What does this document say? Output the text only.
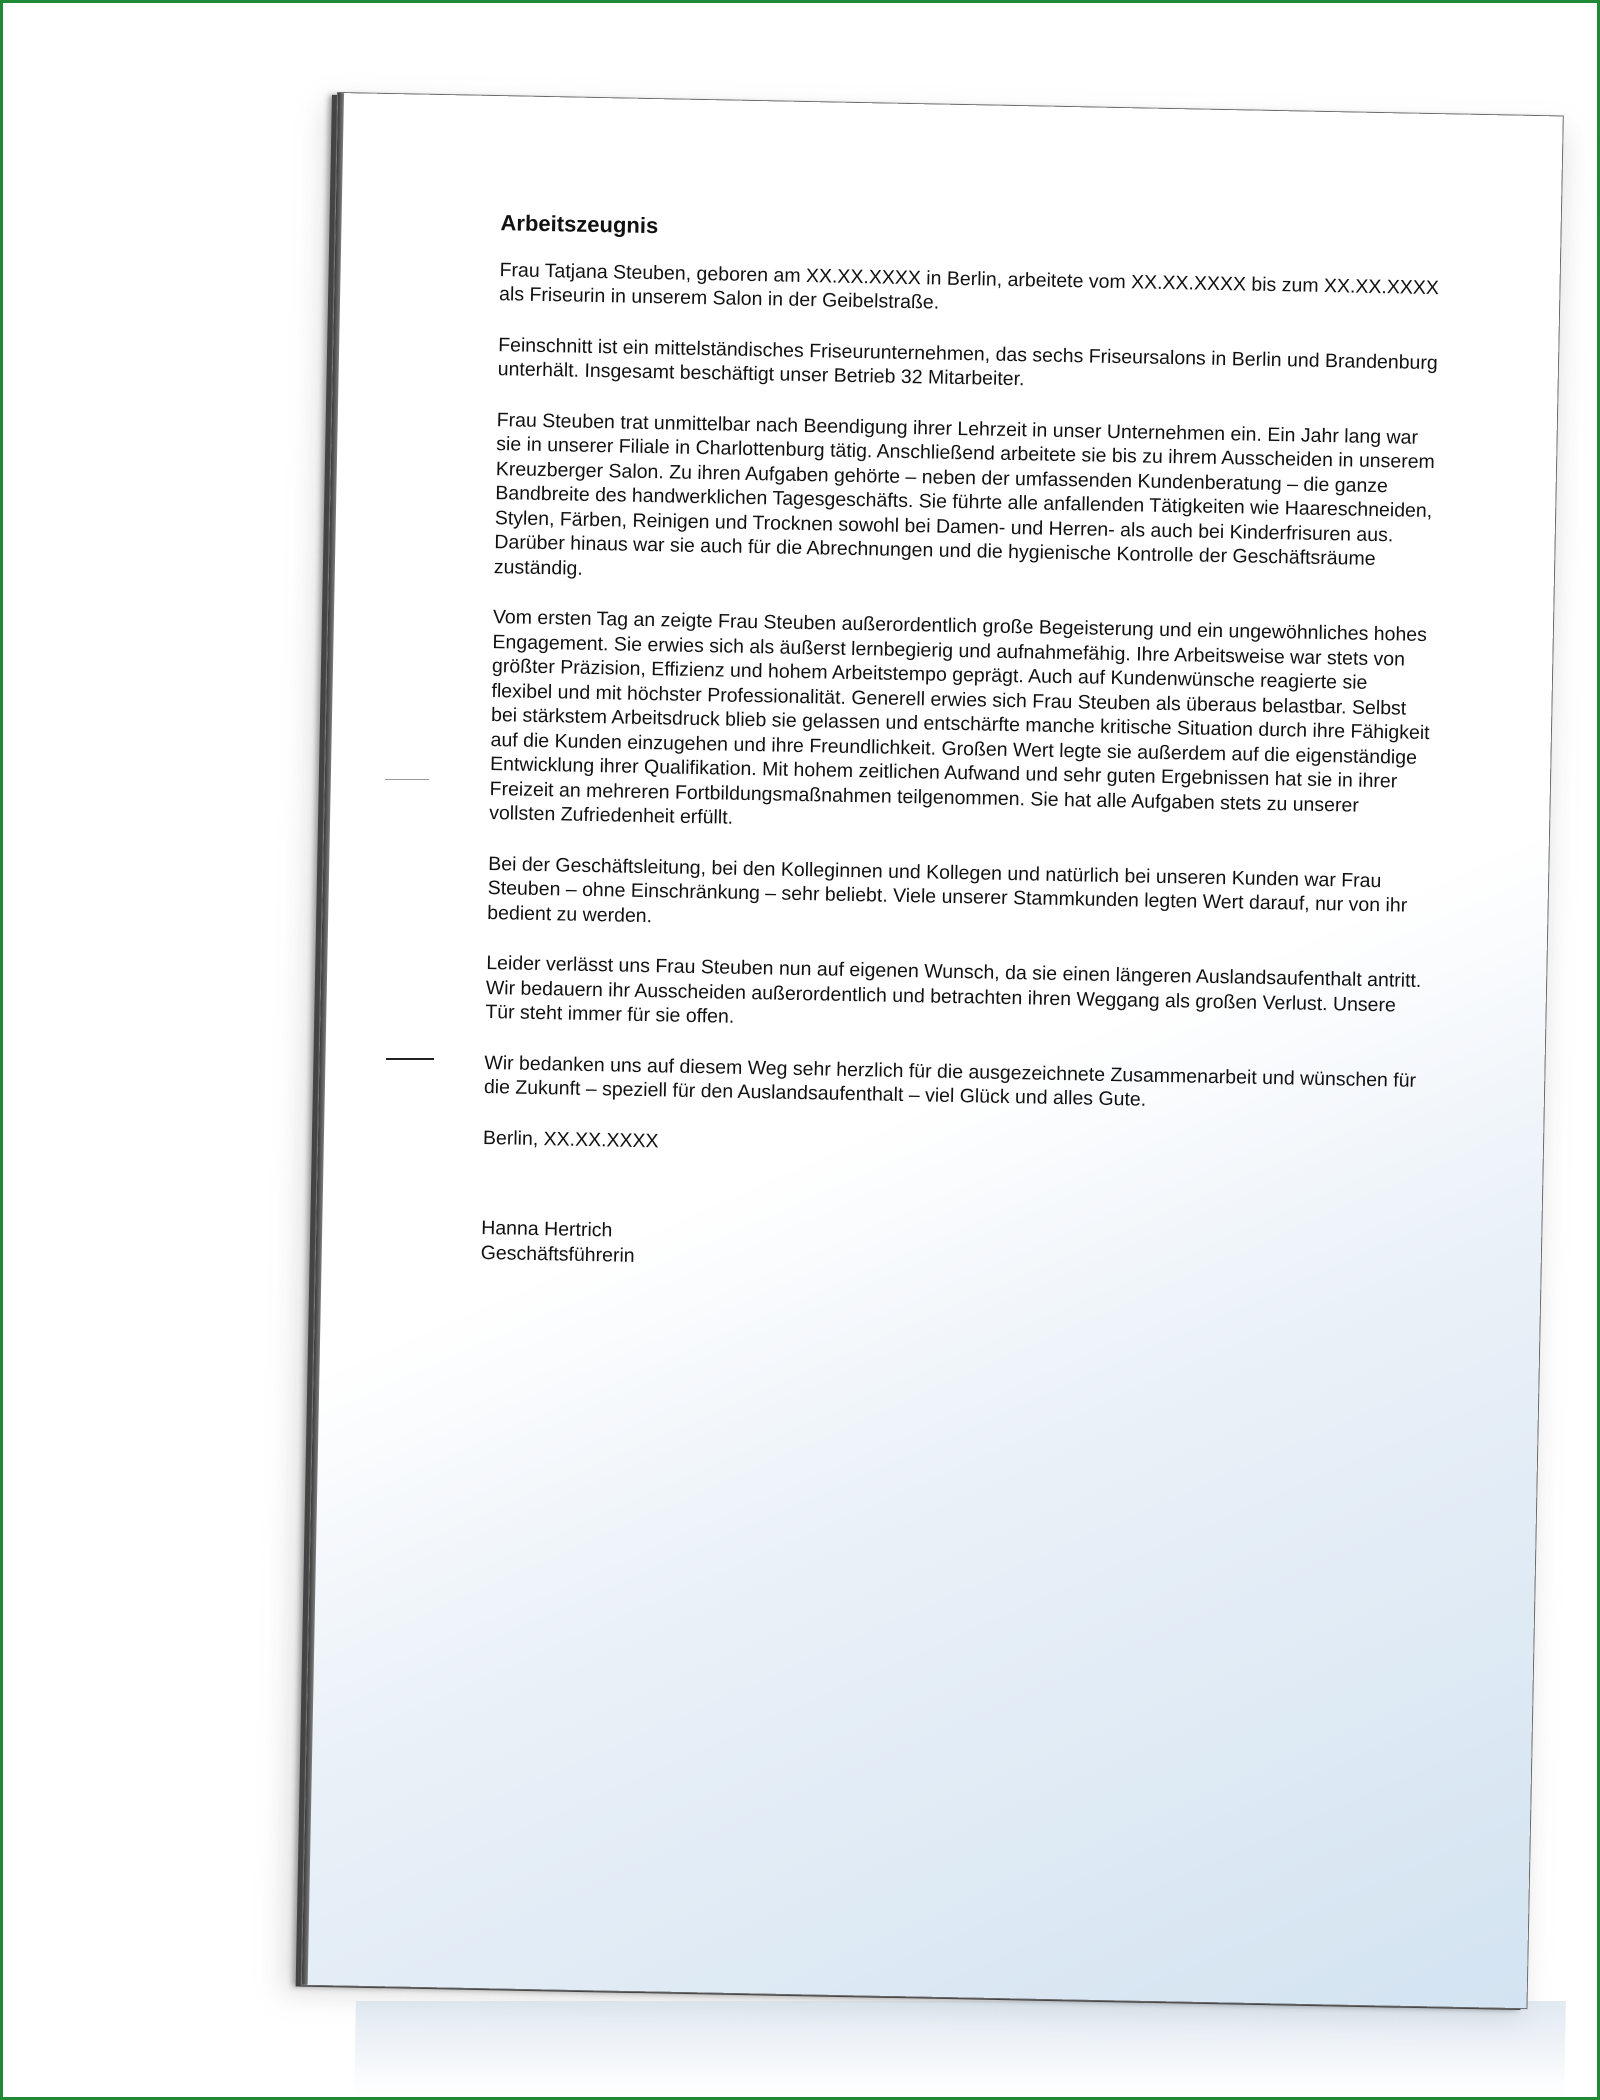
Arbeitszeugnis

Frau Tatjana Steuben, geboren am XX.XX.XXXX in Berlin, arbeitete vom XX.XX.XXXX bis zum XX.XX.XXXX als Friseurin in unserem Salon in der Geibelstraße.

Feinschnitt ist ein mittelständisches Friseurunternehmen, das sechs Friseursalons in Berlin und Brandenburg unterhält. Insgesamt beschäftigt unser Betrieb 32 Mitarbeiter.

Frau Steuben trat unmittelbar nach Beendigung ihrer Lehrzeit in unser Unternehmen ein. Ein Jahr lang war sie in unserer Filiale in Charlottenburg tätig. Anschließend arbeitete sie bis zu ihrem Ausscheiden in unserem Kreuzberger Salon. Zu ihren Aufgaben gehörte – neben der umfassenden Kundenberatung – die ganze Bandbreite des handwerklichen Tagesgeschäfts. Sie führte alle anfallenden Tätigkeiten wie Haareschneiden, Stylen, Färben, Reinigen und Trocknen sowohl bei Damen- und Herren- als auch bei Kinderfrisuren aus. Darüber hinaus war sie auch für die Abrechnungen und die hygienische Kontrolle der Geschäftsräume zuständig.

Vom ersten Tag an zeigte Frau Steuben außerordentlich große Begeisterung und ein ungewöhnliches hohes Engagement. Sie erwies sich als äußerst lernbegierig und aufnahmefähig. Ihre Arbeitsweise war stets von größter Präzision, Effizienz und hohem Arbeitstempo geprägt. Auch auf Kundenwünsche reagierte sie flexibel und mit höchster Professionalität. Generell erwies sich Frau Steuben als überaus belastbar. Selbst bei stärkstem Arbeitsdruck blieb sie gelassen und entschärfte manche kritische Situation durch ihre Fähigkeit auf die Kunden einzugehen und ihre Freundlichkeit. Großen Wert legte sie außerdem auf die eigenständige Entwicklung ihrer Qualifikation. Mit hohem zeitlichen Aufwand und sehr guten Ergebnissen hat sie in ihrer Freizeit an mehreren Fortbildungsmaßnahmen teilgenommen. Sie hat alle Aufgaben stets zu unserer vollsten Zufriedenheit erfüllt.

Bei der Geschäftsleitung, bei den Kolleginnen und Kollegen und natürlich bei unseren Kunden war Frau Steuben – ohne Einschränkung – sehr beliebt. Viele unserer Stammkunden legten Wert darauf, nur von ihr bedient zu werden.

Leider verlässt uns Frau Steuben nun auf eigenen Wunsch, da sie einen längeren Auslandsaufenthalt antritt. Wir bedauern ihr Ausscheiden außerordentlich und betrachten ihren Weggang als großen Verlust. Unsere Tür steht immer für sie offen.

Wir bedanken uns auf diesem Weg sehr herzlich für die ausgezeichnete Zusammenarbeit und wünschen für die Zukunft – speziell für den Auslandsaufenthalt – viel Glück und alles Gute.

Berlin, XX.XX.XXXX
Hanna Hertrich
Geschäftsführerin
